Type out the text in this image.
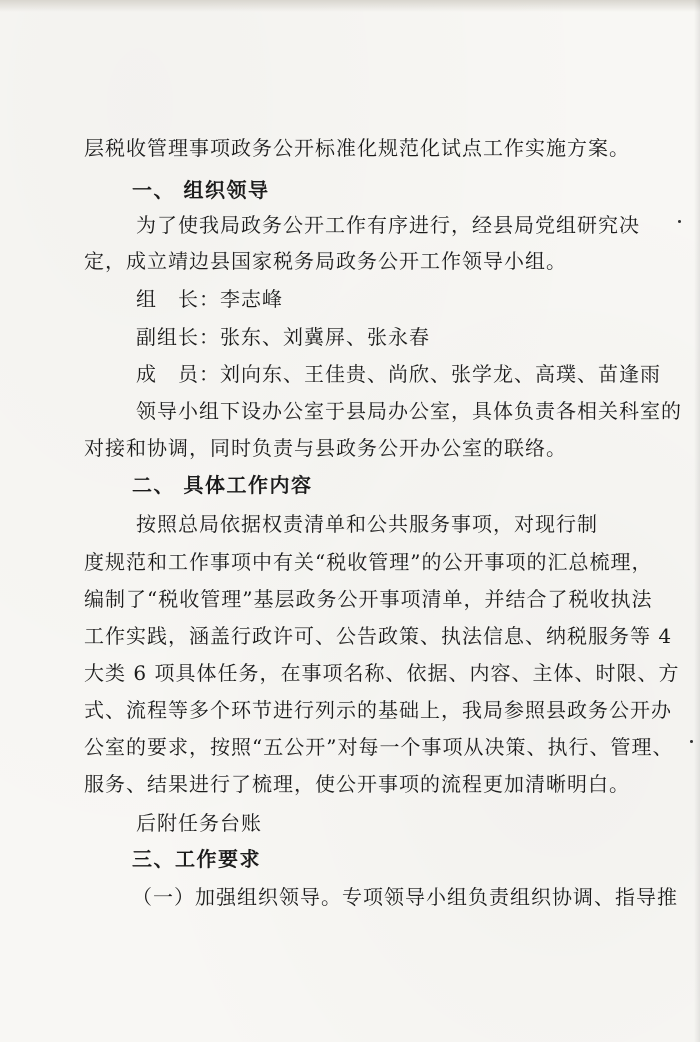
层税收管理事项政务公开标准化规范化试点工作实施方案。
一、 组织领导
为了使我局政务公开工作有序进行，经县局党组研究决
定，成立靖边县国家税务局政务公开工作领导小组。
组　长：李志峰
副组长：张东、刘冀屏、张永春
成　员：刘向东、王佳贵、尚欣、张学龙、高璞、苗逢雨
领导小组下设办公室于县局办公室，具体负责各相关科室的
对接和协调，同时负责与县政务公开办公室的联络。
二、 具体工作内容
按照总局依据权责清单和公共服务事项，对现行制
度规范和工作事项中有关“税收管理”的公开事项的汇总梳理，
编制了“税收管理”基层政务公开事项清单，并结合了税收执法
工作实践，涵盖行政许可、公告政策、执法信息、纳税服务等 4
大类 6 项具体任务，在事项名称、依据、内容、主体、时限、方
式、流程等多个环节进行列示的基础上，我局参照县政务公开办
公室的要求，按照“五公开”对每一个事项从决策、执行、管理、
服务、结果进行了梳理，使公开事项的流程更加清晰明白。
后附任务台账
三、工作要求
（一）加强组织领导。专项领导小组负责组织协调、指导推
